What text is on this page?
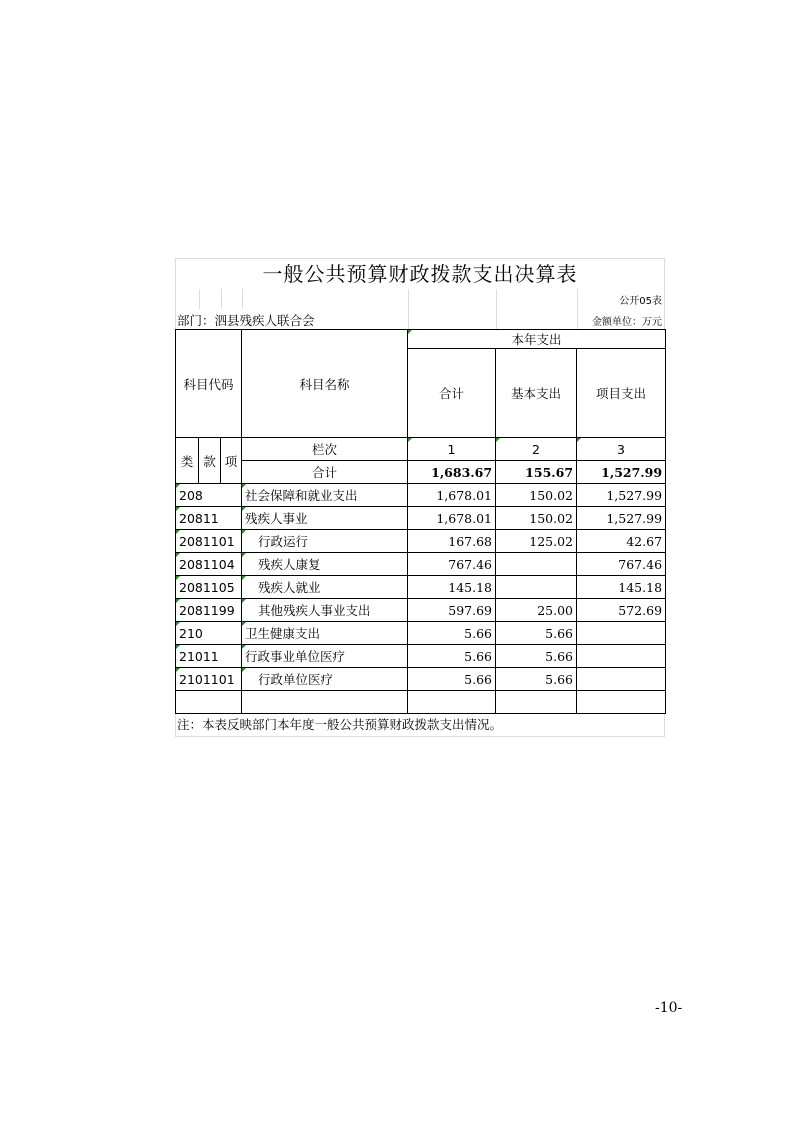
一般公共预算财政拨款支出决算表
公开05表
部门：泗县残疾人联合会	金额单位：万元
科目代码			科目名称	本年支出		
				合计	基本支出	项目支出
类	款	项	栏次	1	2	3
			合计	1,683.67	155.67	1,527.99
208			社会保障和就业支出	1,678.01	150.02	1,527.99
20811			残疾人事业	1,678.01	150.02	1,527.99
2081101			行政运行	167.68	125.02	42.67
2081104			残疾人康复	767.46		767.46
2081105			残疾人就业	145.18		145.18
2081199			其他残疾人事业支出	597.69	25.00	572.69
210			卫生健康支出	5.66	5.66	
21011			行政事业单位医疗	5.66	5.66	
2101101			行政单位医疗	5.66	5.66	

注：本表反映部门本年度一般公共预算财政拨款支出情况。
-10-
